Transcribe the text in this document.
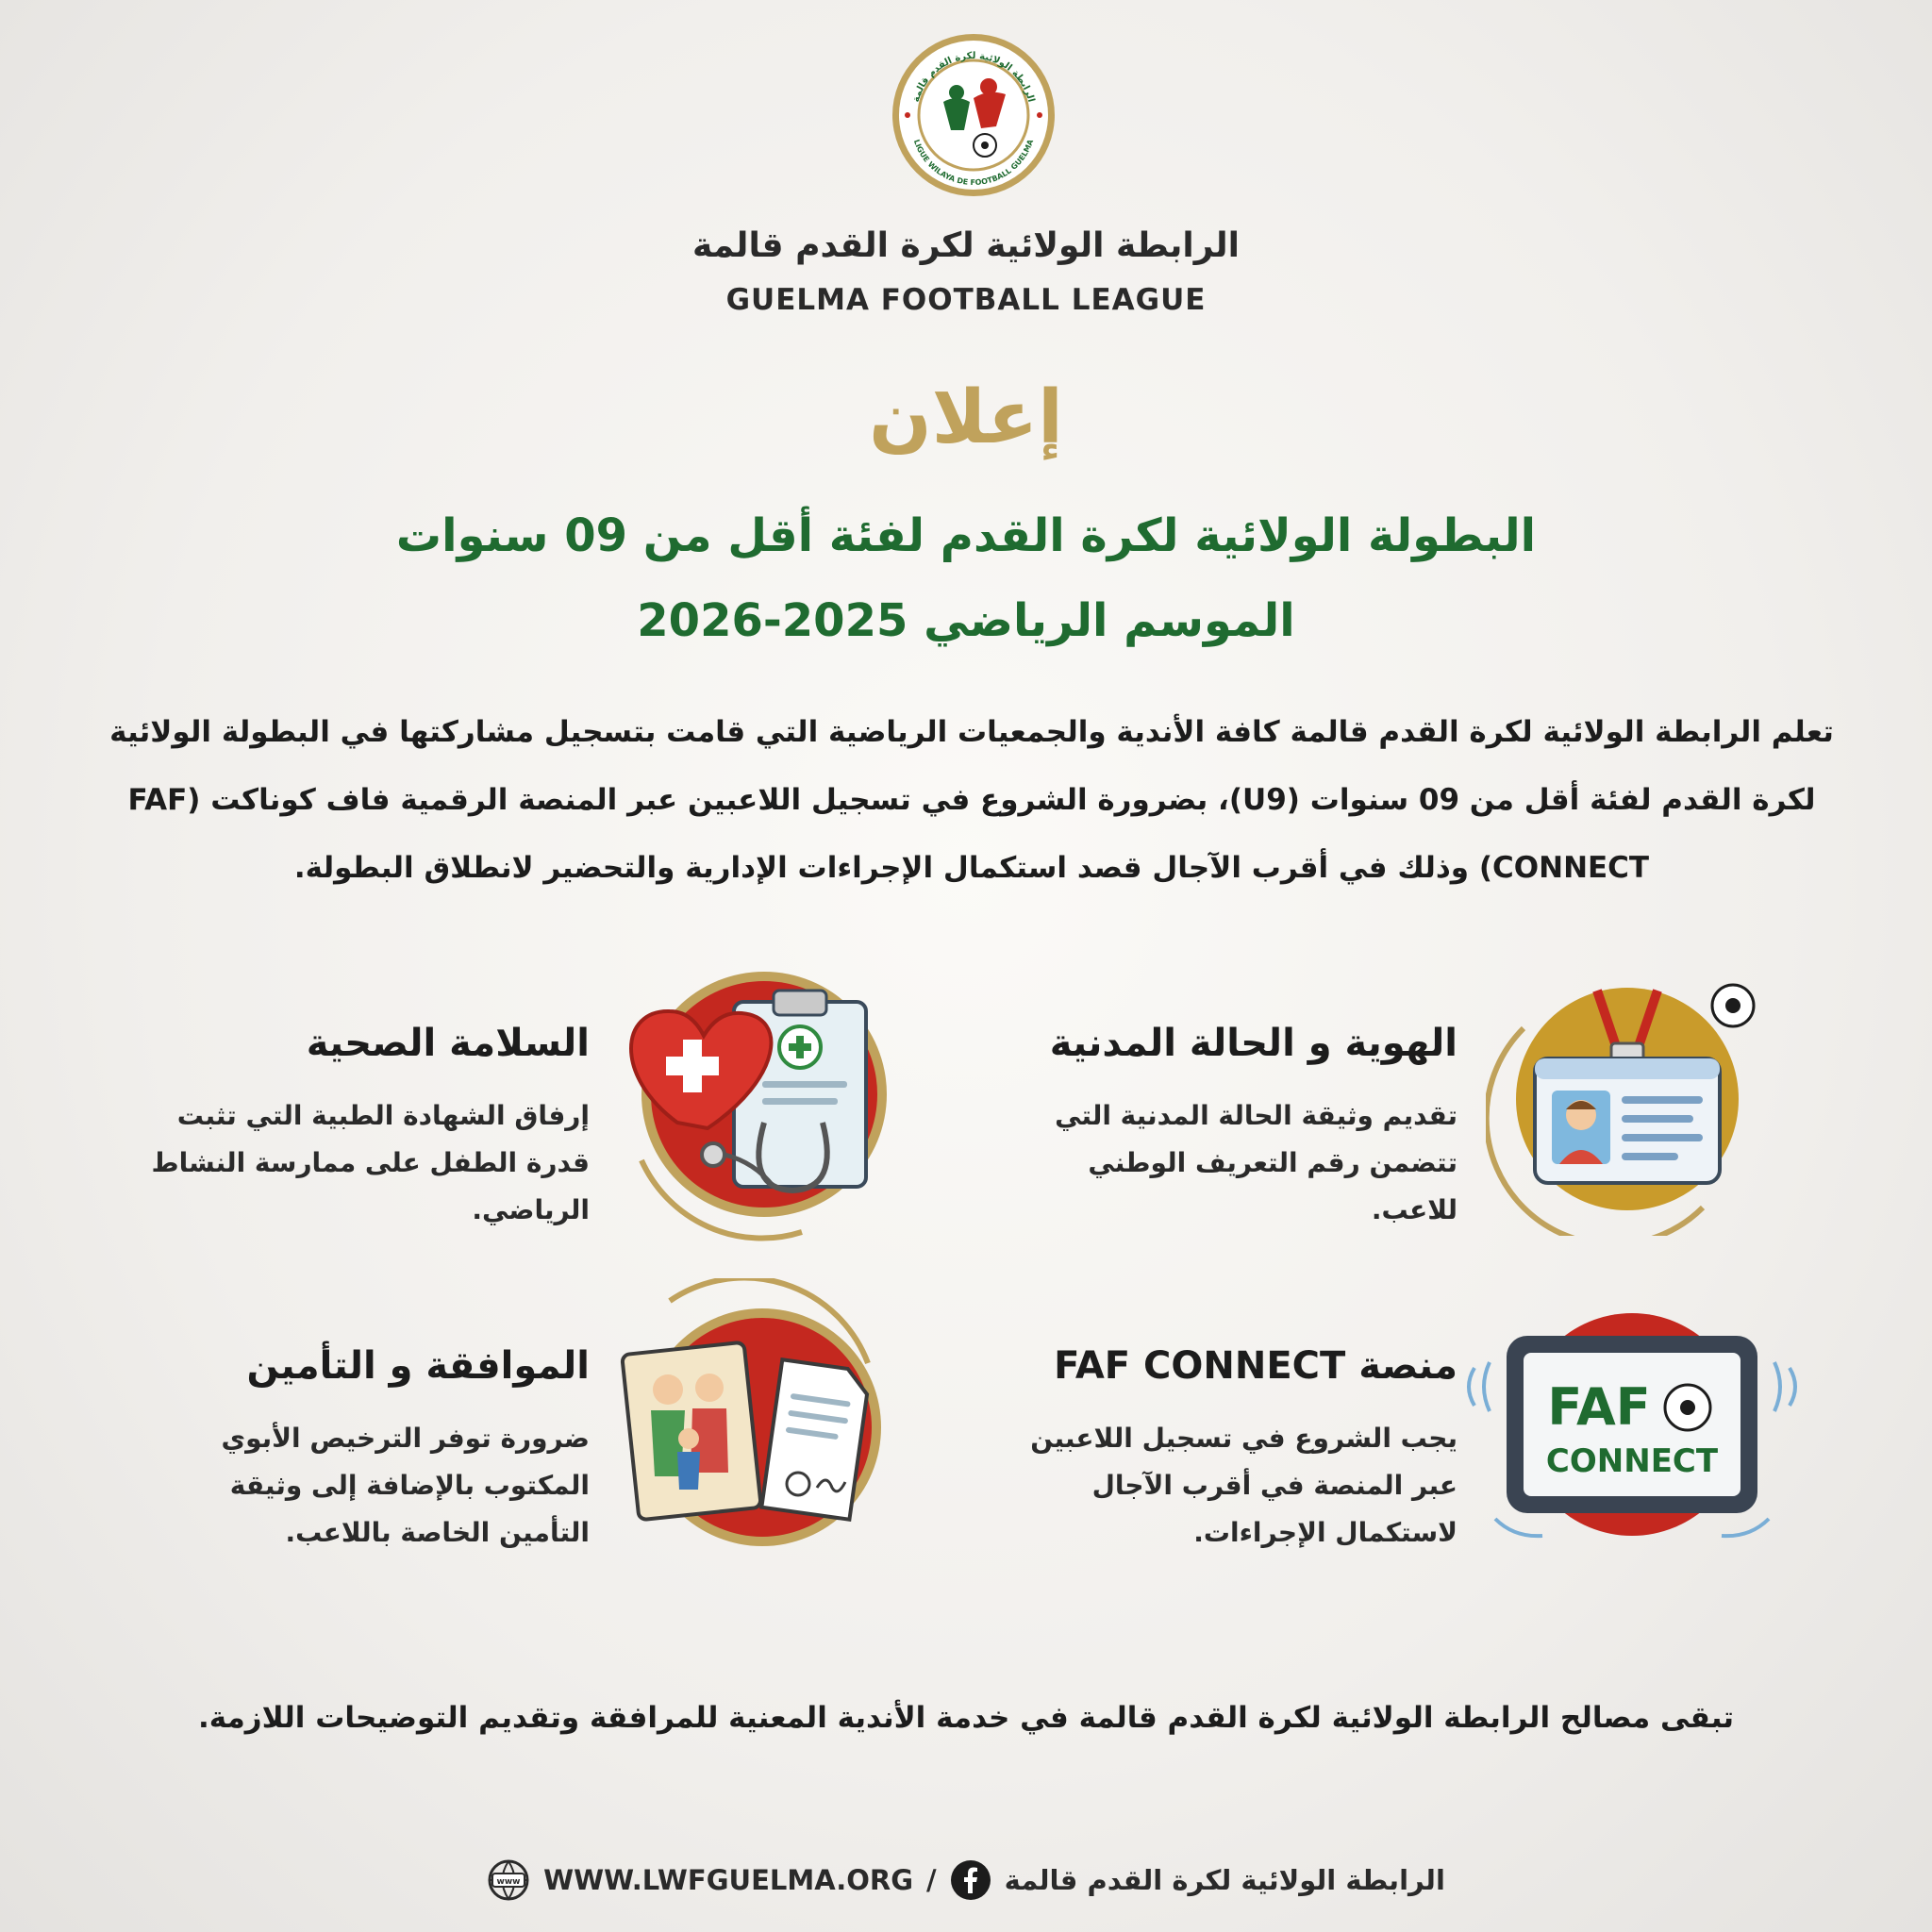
الرابطة الولائية لكرة القدم قالمة
LIGUE WILAYA DE FOOTBALL GUELMA
الرابطة الولائية لكرة القدم قالمة
GUELMA FOOTBALL LEAGUE
إعلان
البطولة الولائية لكرة القدم لفئة أقل من 09 سنوات
الموسم الرياضي 2025-2026
تعلم الرابطة الولائية لكرة القدم قالمة كافة الأندية والجمعيات الرياضية التي قامت بتسجيل مشاركتها في البطولة الولائية لكرة القدم لفئة أقل من 09 سنوات (U9)، بضرورة الشروع في تسجيل اللاعبين عبر المنصة الرقمية فاف كوناكت (FAF CONNECT) وذلك في أقرب الآجال قصد استكمال الإجراءات الإدارية والتحضير لانطلاق البطولة.
الهوية و الحالة المدنية
تقديم وثيقة الحالة المدنية التي تتضمن رقم التعريف الوطني للاعب.
السلامة الصحية
إرفاق الشهادة الطبية التي تثبت قدرة الطفل على ممارسة النشاط الرياضي.
FAF
CONNECT
منصة FAF CONNECT
يجب الشروع في تسجيل اللاعبين عبر المنصة في أقرب الآجال لاستكمال الإجراءات.
الموافقة و التأمين
ضرورة توفر الترخيص الأبوي المكتوب بالإضافة إلى وثيقة التأمين الخاصة باللاعب.
تبقى مصالح الرابطة الولائية لكرة القدم قالمة في خدمة الأندية المعنية للمرافقة وتقديم التوضيحات اللازمة.
www WWW.LWFGUELMA.ORG / الرابطة الولائية لكرة القدم قالمة
